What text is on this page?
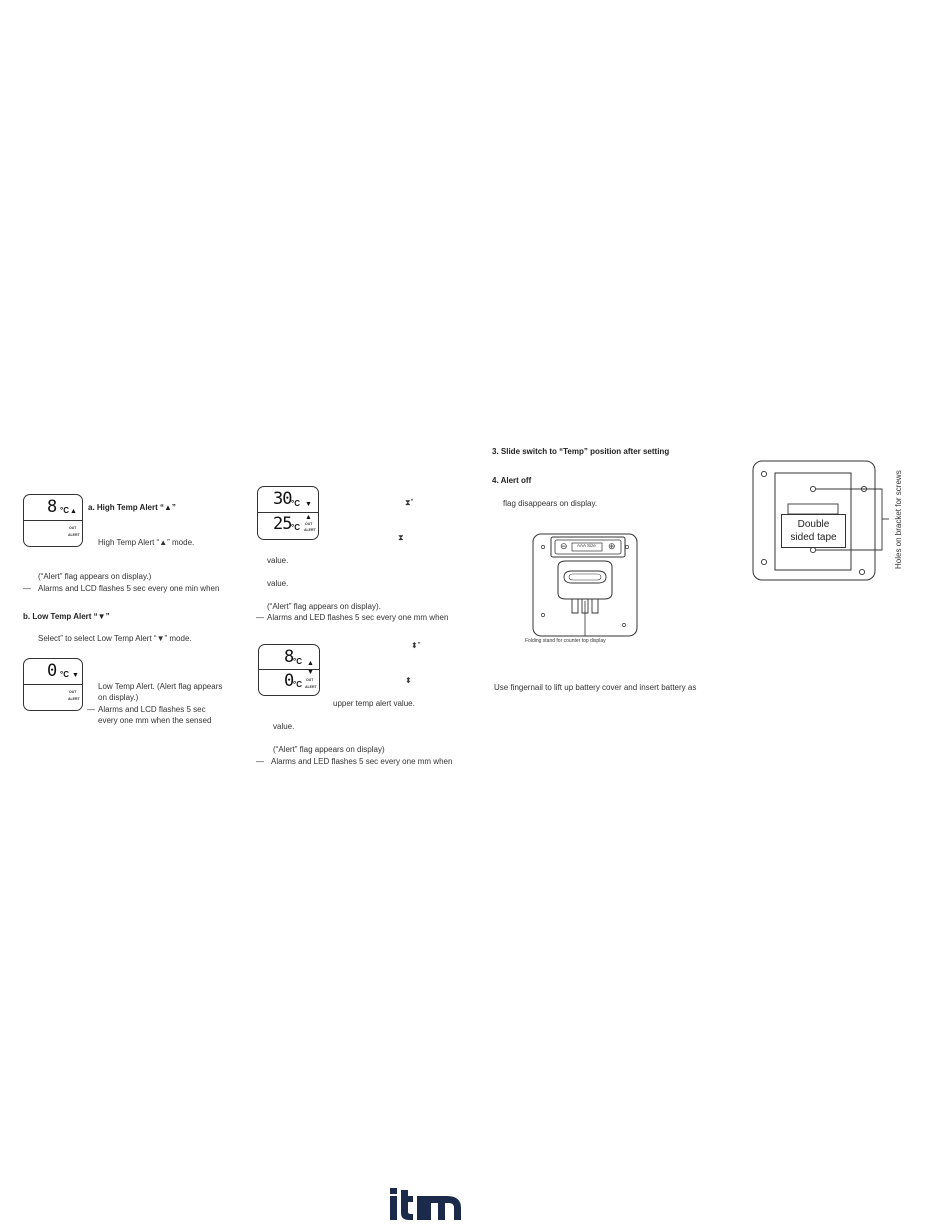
8 °C ▲
OUT
ALERT
a. High Temp Alert “▲”
High Temp Alert “▲” mode.
(“Alert” flag appears on display.)
— Alarms and LCD flashes 5 sec every one min when
b. Low Temp Alert “▼”
Select” to select Low Temp Alert “▼” mode.
0 °C ▼
OUT
ALERT
Low Temp Alert. (Alert flag appears
on display.)
— Alarms and LCD flashes 5 sec
every one mm when the sensed
30 °C ▼
25 °C
▲
OUT
ALERT
⧗”
⧗
value.
value.
(“Alert” flag appears on display).
— Alarms and LED flashes 5 sec every one mm when
8 °C ▲
0 °C
▼
OUT
ALERT
⬍”
⬍
upper temp alert value.
value.
(“Alert” flag appears on display)
— Alarms and LED flashes 5 sec every one mm when
3. Slide switch to “Temp” position after setting
4. Alert off
flag disappears on display.
⊖ AAA Size ⊕
Folding stand for counter top display
Use fingernail to lift up battery cover and insert battery as
Double
sided tape	Holes on bracket for screws
